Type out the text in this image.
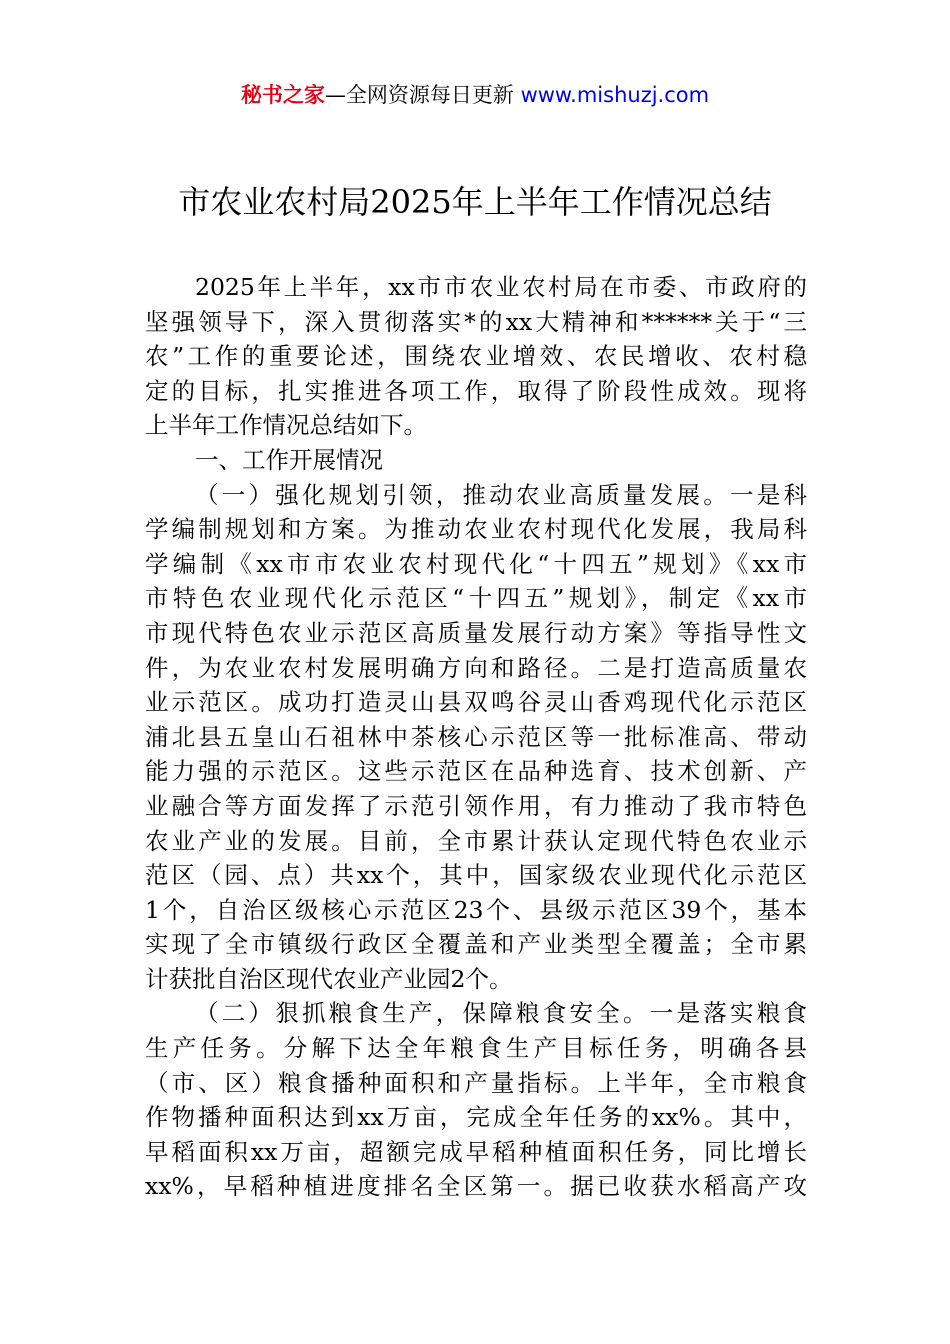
秘书之家—全网资源每日更新 www.mishuzj.com
市农业农村局2025年上半年工作情况总结
2025年上半年，xx市市农业农村局在市委、市政府的
坚强领导下，深入贯彻落实*的xx大精神和******关于“三
农”工作的重要论述，围绕农业增效、农民增收、农村稳
定的目标，扎实推进各项工作，取得了阶段性成效。现将
上半年工作情况总结如下。
一、工作开展情况
（一）强化规划引领，推动农业高质量发展。一是科
学编制规划和方案。为推动农业农村现代化发展，我局科
学编制《xx市市农业农村现代化“十四五”规划》《xx市
市特色农业现代化示范区“十四五”规划》，制定《xx市
市现代特色农业示范区高质量发展行动方案》等指导性文
件，为农业农村发展明确方向和路径。二是打造高质量农
业示范区。成功打造灵山县双鸣谷灵山香鸡现代化示范区
浦北县五皇山石祖林中茶核心示范区等一批标准高、带动
能力强的示范区。这些示范区在品种选育、技术创新、产
业融合等方面发挥了示范引领作用，有力推动了我市特色
农业产业的发展。目前，全市累计获认定现代特色农业示
范区（园、点）共xx个，其中，国家级农业现代化示范区
1个，自治区级核心示范区23个、县级示范区39个，基本
实现了全市镇级行政区全覆盖和产业类型全覆盖；全市累
计获批自治区现代农业产业园2个。
（二）狠抓粮食生产，保障粮食安全。一是落实粮食
生产任务。分解下达全年粮食生产目标任务，明确各县
（市、区）粮食播种面积和产量指标。上半年，全市粮食
作物播种面积达到xx万亩，完成全年任务的xx%。其中，
早稻面积xx万亩，超额完成早稻种植面积任务，同比增长
xx%，早稻种植进度排名全区第一。据已收获水稻高产攻
